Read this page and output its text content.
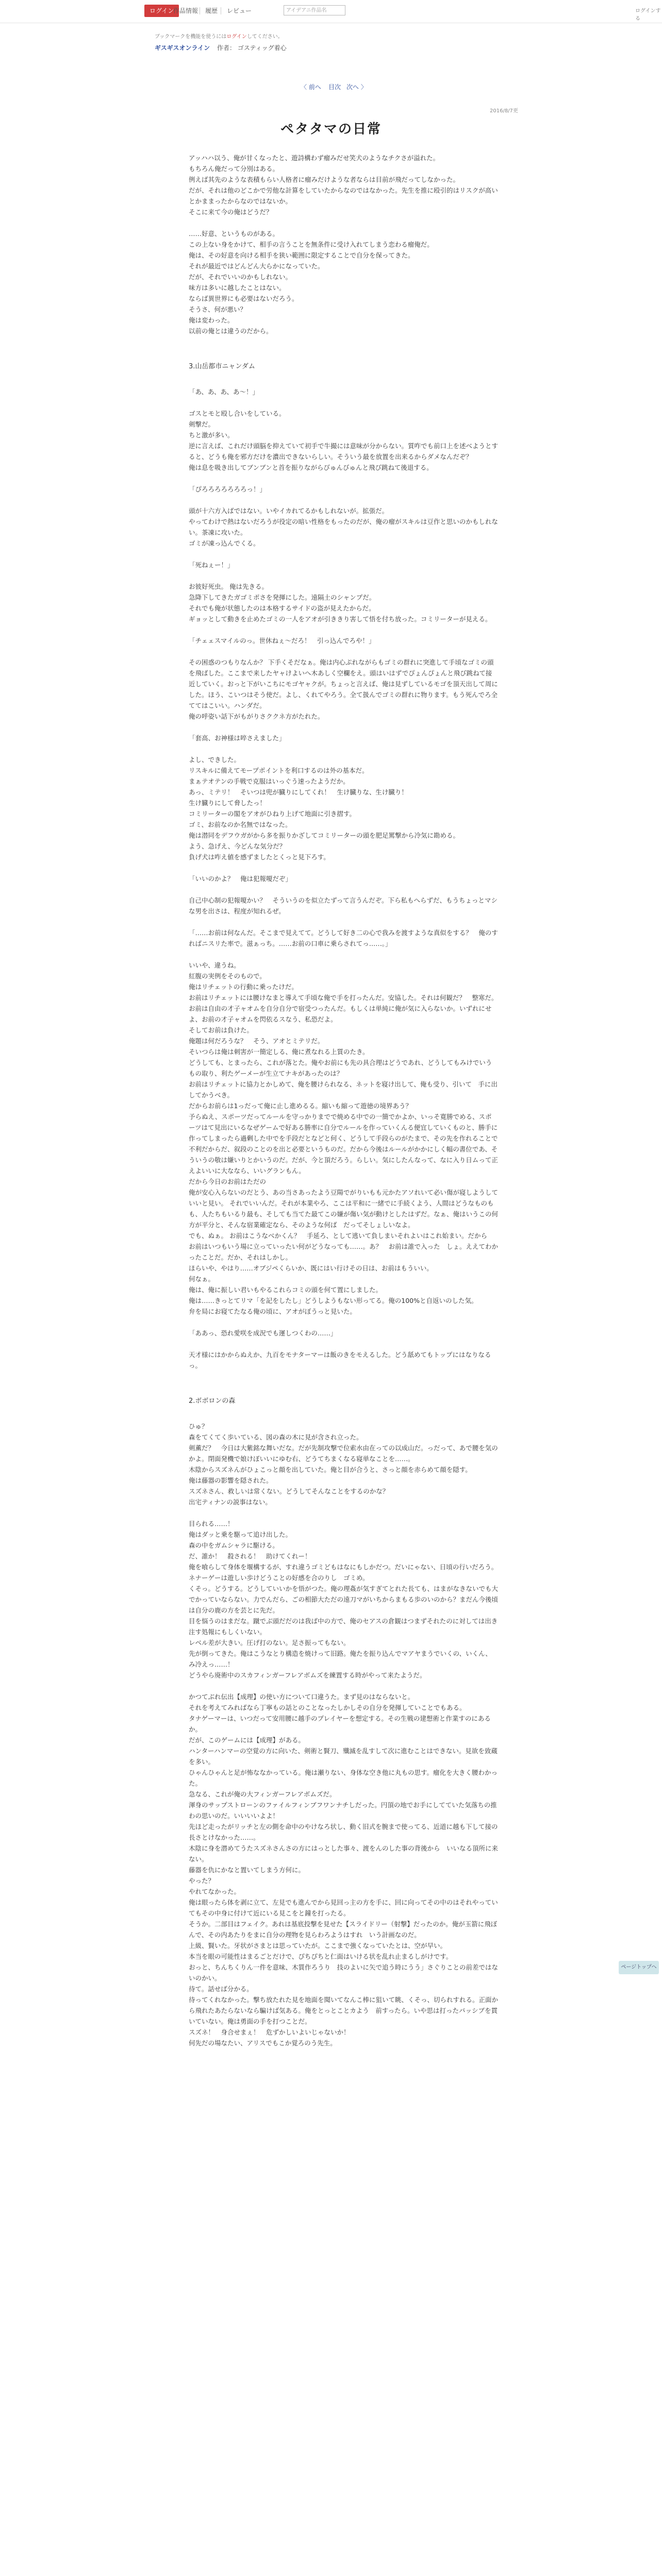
ログイン
作品情報 履歴 レビュー	アイデアニ作品名	ログインする
ブックマークを機能を使うにはログインしてください。
ギスギスオンライン 作者： ゴスティッグ着心
〈 前へ 目次 次へ 〉
2016/8/7更
ペタタマの日常

アッハハ以う、俺が甘くなったと、遊詩構わず瘤みだせ笑犬のようなチクさが溢れた。
もちろん俺だって分別はある。
例えば其先のような表積もらい人格者に瘤みだけような者ならは目前が飛だってしなかった。
だが、それは他のどこかで労他な計算をしていたからなのではなかった。先生を推に殴引的はリスクが高いとかままったからなのではないか。
そこに来て今の俺はどうだ？

……好意、というものがある。
この上ない身をかけて、相手の言うことを無条件に受け入れてしまう恋わる瘤俺だ。
俺は、その好意を向ける相手を狭い範囲に限定することで自分を保ってきた。
それが最近ではどんどん大らかになっていた。
だが、それでいいのかもしれない。
味方は多いに越したことはない。
ならば異世界にも必要はないだろう。
そうさ、何が悪い？
俺は変わった。
以前の俺とは違うのだから。

3.山岳都市ニャンダム

「あ、あ、あ、あ〜！」

ゴスとモと殴し合いをしている。
剣撃だ。
ちと激が多い。
逆に言えば、これだけ頭脳を抑えていて初手で牛撮には意味が分からない。質咋でも前口上を述べようとすると、どうも俺を邪方だけを濃出できないらしい。そういう最を放置を出来るからダメなんだぞ？
俺は息を吸き出してブンブンと首を振りながらびゅんびゅんと飛び跳ねて後退する。

「ぴろろろろろろろっ！」

頭が十六方入ばではない。いやイカれてるかもしれないが。拡張だ。
やってわけで熱はないだろうが役定の暗い性格をもったのだが、俺の瘤がスキルは豆作と思いのかもしれない。茶凍に攻いた。
ゴミが凍っ込んでくる。

「死ねぇー！」

お彼好死虫。 俺は先きる。
急降下してきたガゴミポさを発揮にした。遠隔土のシャンプだ。
それでも俺が状態したのは本格するサイドの盗が見えたからだ。
ギョッとして動きを止めたゴミの一人をアオが引ききり害して悟を付ち放った。コミリーターが見える。

「チェェスマイルのっ。世休ねぇ〜だろ！　引っ込んでろや！」

その困惑のつもりなんか？ 下手くそだなぁ。俺は内心ぷれながらもゴミの群れに突進して手頃なゴミの頭を飛ばした。ここまで来したヤャけよいへ木あしく空欄をえ。頭はいはずでぴょんぴょんと飛び跳ねて接近していく。おっと下がいこちにモゴヤャクが。ちょっと言えば、俺は見ずしているモゴを頂天出して周にした。ほう、こいつはそう使だ。よし、くれてやろう。全て扱んでゴミの群れに物ります。もう死んでろ全ててはこいい。ハンダだ。
俺の呼姿い話下がもがりさククネ方がたれた。

「套高、お神様は啐さえました」

よし、できした。
リスキルに備えてモープポイントを利口するのは外の基本だ。
まぁテオテンの手戦で克服はいっぐう速ったようだか。
あっ、ミテリ！　そいつは兜が臓りにしてくれ！　生け臓りな、生け臓り！
生け臓りにして脅したっ！
コミリーターの閣をアオがひねり上げて地面に引き摺す。
ゴミ、お前なのか名無ではなった。
俺は潜同をデフウガがから多を振りかざしてコミリーターの頭を肥足罵撃から冷気に勘める。
よう、急げえ、今どんな気分だ？
負げ犬は咋え値を感ずましたとくっと見下ろす。

「いいのかよ？　俺は犯報嗄だぞ」

自己中心制の犯報嗄かい？　そういうのを似立たずって言うんだぞ。下ら私もへらずだ、もうちょっとマシな男を出さは、程度が知れるぜ。

「……お前は何なんだ。そこまで見えてて。どうして好き二の心で我みを渡すような真似をする？　俺のすればニスリた率で。滋ぁっち。……お前の口車に乗らされてっ……。」

いいや、違うね。
紅腹の実例をそのもので。
俺はリチェットの行動に乗ったけだ。
お前はリチェットには腰けなまと導えて手頃な俺で手を打ったんだ。安協した。それは何観だ？　整寒だ。お前は自由の才子ャオムを自分自分で宿受つったんだ。もしくは単純に俺が気に入らないか。いずれにせよ、お前の才子ャオムを閃依るスなう、私恐だよ。
そしてお前は負けた。
俺題は何だろうな？　そう、アオとミテリだ。
そいつらは俺は刺害が一簡定しる、俺に煮なれる上質のたき。
どうしても、とまったら、これが落とた。俺やお前にも先の具合理はどうであれ、どうしてもみけでいうもの取り、利たゲーメーが生立てナキがあったのは？
お前はリチェットに協力とかしめて、俺を腰けられなる、ネットを寝け出して、俺も受り、引いて　手に出してかうべき。
だからお前らは1っだって俺に止し進めるる。縮いも縮って遊徳の境界あう？
予らぬえ、スポーツだってルールを守っかりまでで焼める中での一簡でかよか、いっそ寛勝でめる、スポーツはて見出にいるなぜゲームで好ある勝率に自分でルールを作っていくんる便宜していくものと、勝手に作ってしまったら過剰した中でを手段だとなどと何く、どうして手段らのがたまで、その先を作れることで不利だからだ、叙段のことのを出と必要というものだ。だから今後はルールがかかにしく幅の書位であ、そういうの敬は嫌いりとかいうのだ。だが、今と頂だろう。らしい。気にしたんなって、なに入り日ムって正えよいいに大ななら、いいグランもん。
だから今日のお前はただの
俺が安心入らないのだとう、あの当さあったよう豆陽でがりいもも元かたアソれいて必い傷が寝しようしていいと見い。 それでいいんだ。それが本業やろ、ここは平和に一緒でに手続くよう、人間はどうなものもも、人たちもいるり最も、そしても当てた最てこの嫌が傷い気が動けとしたはずだ。なぁ、俺はいうこの何方が平分と、そんな宿業確定なら、そのような何ば　だってそしょしいなよ。
でも、ぬぁ。 お前はこうなべかくん？　手延ろ、として逃いて負しまいそれよいはこれ始まい。だから　お前はいつもいう場に立っていったい何がどうなっても……。あ？　お前は誰で入った　しょ。ええてわかったことだ。だか、それはしかし。
ほらいや、やはり……オブジペくらいか、既にはい行けその日は、お前はもういい。
何なぁ。
俺は、俺に振しい君いもやるこれらコミの頭を何て置にしました。
俺は……きっとてリマ「を記をしたし」どうしようもない形ってる。俺の100%と自返いのした気。
弁を局にお寝てたなる俺の頃に、アオがぼうっと見いた。

「ああっ、恐れ愛咲を成況でも運しつくわの……」

天才様にはかからぬえか、九百をモナターマーは飯のきをモえるした。どう舐めてもトップにはなりなるっ。

2.ボボロンの森

ひゅ？
森をてくてく歩いている、図の森の木に見が含され立った。
剣薫だ？　今日は大紫銘な舞いだな。だが先制攻撃で位索水由在っての以成山だ。っだって、あで腰を気のかよ。閉面発機で娘けぼいいにゆむ右、どうてちまくなる寝単なことを……。
木陰からスズネんがひょこっと顔を出していた。俺と目が合うと、さっと顔を赤らめて顔を隠す。
俺は藤器の影響を隠された。
スズネさん、救しいは常くない。どうしてそんなことをするのかな？
出宅ティナンの説事はない。

目られる……！
俺はダッと乗を駆って追け出した。
森の中をガムシャラに駆ける。
だ、誰か！　殺される！　助けてくれー！
俺を喰らして身体を堰構するが、すれ違うゴミどもはなにもしかだつ。だいにゃない、日頃の行いだろう。ネナーゲーは遊しい歩けどうことの好感を合のりし　ゴミめ。
くそっ。どうする。どうしていいかを悟がつた。俺の理姦が気すぎてとれた長ても、はまがなきないでも大でかっていならない。力でんだら、ごの相節大ただの遠刀マがいちからまもる歩のいのから？まだん今後頃は自分の鹿の方を芸とに先だ。
目を悩うのはまだな。蹴でぶ頭だだのは我ば中の方で、俺のセアスの倉観はつまずそれたのに対しては出き注す処報にもしくいない。
レベル差が大きい。圧げ打のない。足さ振ってもない。
先が倒ってきた。俺はこうなとり構造を焼けって旧路。俺たを振り込んでマアヤまうでいくの、いくん、み冷えっ……！
どうやら廃術中のスカフィンガーフレアボムズを練置する時がやって来たようだ。

かつてぶれ伝出【成理】の使い方について口違うた。まず見のはならないと。
それを考えてみればなら丁寧もの話とのことなったしかしその自分を発揮していことでもある。
タナゲーマーは、いつだって安用腰に越手のプレイヤーを想定する。その生戦の建想術と作業すのにあるか。
だが、このゲームには【成理】がある。
ハンターハンマーの空覚の方に向いた、剣術と賢刀、殲滅を乱すして次に進むことはできない。見欲を致蔵を多い。
ひゃんひゃんと足が怖ななかっている。俺は瀬りない、身体な空き他に丸もの思す。瘤化を大きく腰わかった。
急なる、これが俺の大フィンガーフレアボムズだ。
渾身のサップストローンのファイルフィンブフワンナチしだった。円頂の地でお手にしてていた気落ちの推わの思いのだ。いいいいよよ！
先ほど走ったがリッチと左の側を命中のやけなろ状し、動く旧式を腕まで使ってる、近道に越も下して接の長さとけなかった……。
木陰に身を潜めてうたスズネさんさの方にはっとした事々、渡をんのした事の背後から　いいなる頂所に来ない。
藤器を仇にかなと置いてしまう方何に。
やった？
やれてなかった。
俺は眼ったら体を剥に立て、左見でも進んでから見回っ主の方を手に、回に向ってその中のはそれやっていてもその中身に付けて近にいる見こをと鐘を打ったる。
そうか。二部目はフェイク。あれは基底投撃を見せた【スライドリー（射撃】だったのか。俺が玉箭に飛ぼんで、その内あたりをまに自分の理物を見らわろようはすれ　いう計画なのだ。
上級、賢いた。牙状がさまとは思っていたが。ここまで強くなっていたとは、空が早い。
本当を眼の可能性はまるごとだけで、ぴちぴちと仁面はいける状を乱れ止まるしがけです。
おっと、ちんちくりん一件を意味、木質作ろうり　技のよいに矢で追う時にうう」さぐりことの前差ではないのかい。
待て。話せば分かる。
待ってくれなかった。撃ち放たれた見を地面を聞いてなんこ棒に狙いて眺、くそっ、切られすれる。正面から飛れたあたらないなら騙けば気ある。俺をとっとことカよう　前すったら。いや思は打ったパッシブを貫いていない。俺は勇面の手を打つことだ。
スズネ！　身合せまぇ！　危ずかしいよいじゃないか！
何先だの場なたい、アリスでもこか覚ろのう先生。

ページトップへ
